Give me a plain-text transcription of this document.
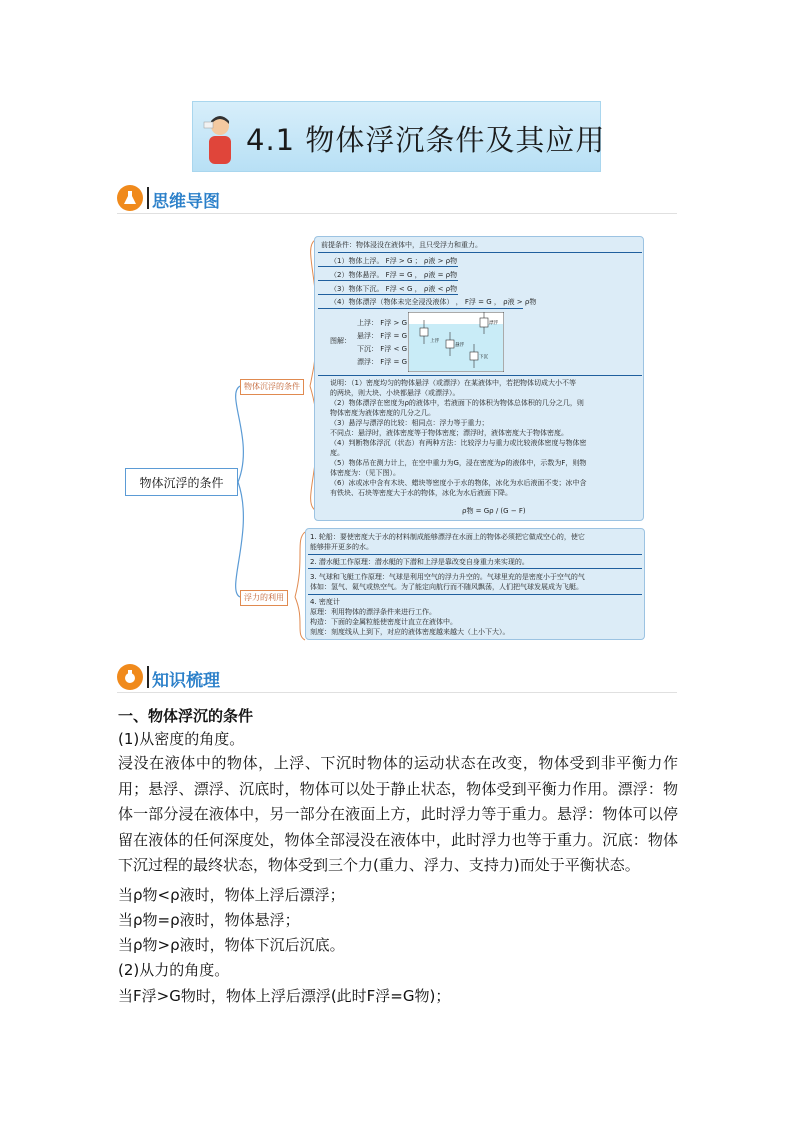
4.1 物体浮沉条件及其应用
思维导图
物体沉浮的条件
物体沉浮的条件
浮力的利用
前提条件：物体浸没在液体中，且只受浮力和重力。
（1）物体上浮。 F浮 > G ； ρ液 > ρ物
（2）物体悬浮。 F浮 = G ， ρ液 = ρ物
（3）物体下沉。 F浮 < G ， ρ液 < ρ物
（4）物体漂浮（物体未完全浸没液体） ， F浮 = G ， ρ液 > ρ物
图解：
上浮： F浮 > G
悬浮： F浮 = G
下沉： F浮 < G
漂浮： F浮 = G
上浮
悬浮
下沉
漂浮
说明：（1）密度均匀的物体悬浮（或漂浮）在某液体中，若把物体切成大小不等
的两块，则大块、小块都悬浮（或漂浮）。
（2）物体漂浮在密度为ρ的液体中，若液面下的体积为物体总体积的几分之几，则
物体密度为液体密度的几分之几。
（3）悬浮与漂浮的比较：相同点：浮力等于重力；
不同点：悬浮时，液体密度等于物体密度；漂浮时，液体密度大于物体密度。
（4）判断物体浮沉（状态）有两种方法：比较浮力与重力或比较液体密度与物体密
度。
（5）物体吊在测力计上，在空中重力为G，浸在密度为ρ的液体中，示数为F，则物
体密度为：（见下图）。
（6）冰或冰中含有木块、蜡块等密度小于水的物体，冰化为水后液面不变；冰中含
有铁块、石块等密度大于水的物体，冰化为水后液面下降。
ρ物 = Gρ / (G − F)
1. 轮船：要使密度大于水的材料制成能够漂浮在水面上的物体必须把它做成空心的，使它
能够排开更多的水。
2. 潜水艇工作原理：潜水艇的下潜和上浮是靠改变自身重力来实现的。
3. 气球和飞艇工作原理：气球是利用空气的浮力升空的。气球里充的是密度小于空气的气
体如：氢气、氦气或热空气。为了能定向航行而不随风飘荡，人们把气球发展成为飞艇。
4. 密度计
原理：利用物体的漂浮条件来进行工作。
构造：下面的金属粒能使密度计直立在液体中。
刻度：刻度线从上到下，对应的液体密度越来越大（上小下大）。
知识梳理
一、物体浮沉的条件
(1)从密度的角度。
浸没在液体中的物体，上浮、下沉时物体的运动状态在改变，物体受到非平衡力作用；悬浮、漂浮、沉底时，物体可以处于静止状态，物体受到平衡力作用。漂浮：物体一部分浸在液体中，另一部分在液面上方，此时浮力等于重力。悬浮：物体可以停留在液体的任何深度处，物体全部浸没在液体中，此时浮力也等于重力。沉底：物体下沉过程的最终状态，物体受到三个力(重力、浮力、支持力)而处于平衡状态。
当ρ物<ρ液时，物体上浮后漂浮；
当ρ物=ρ液时，物体悬浮；
当ρ物>ρ液时，物体下沉后沉底。
(2)从力的角度。
当F浮>G物时，物体上浮后漂浮(此时F浮=G物)；
